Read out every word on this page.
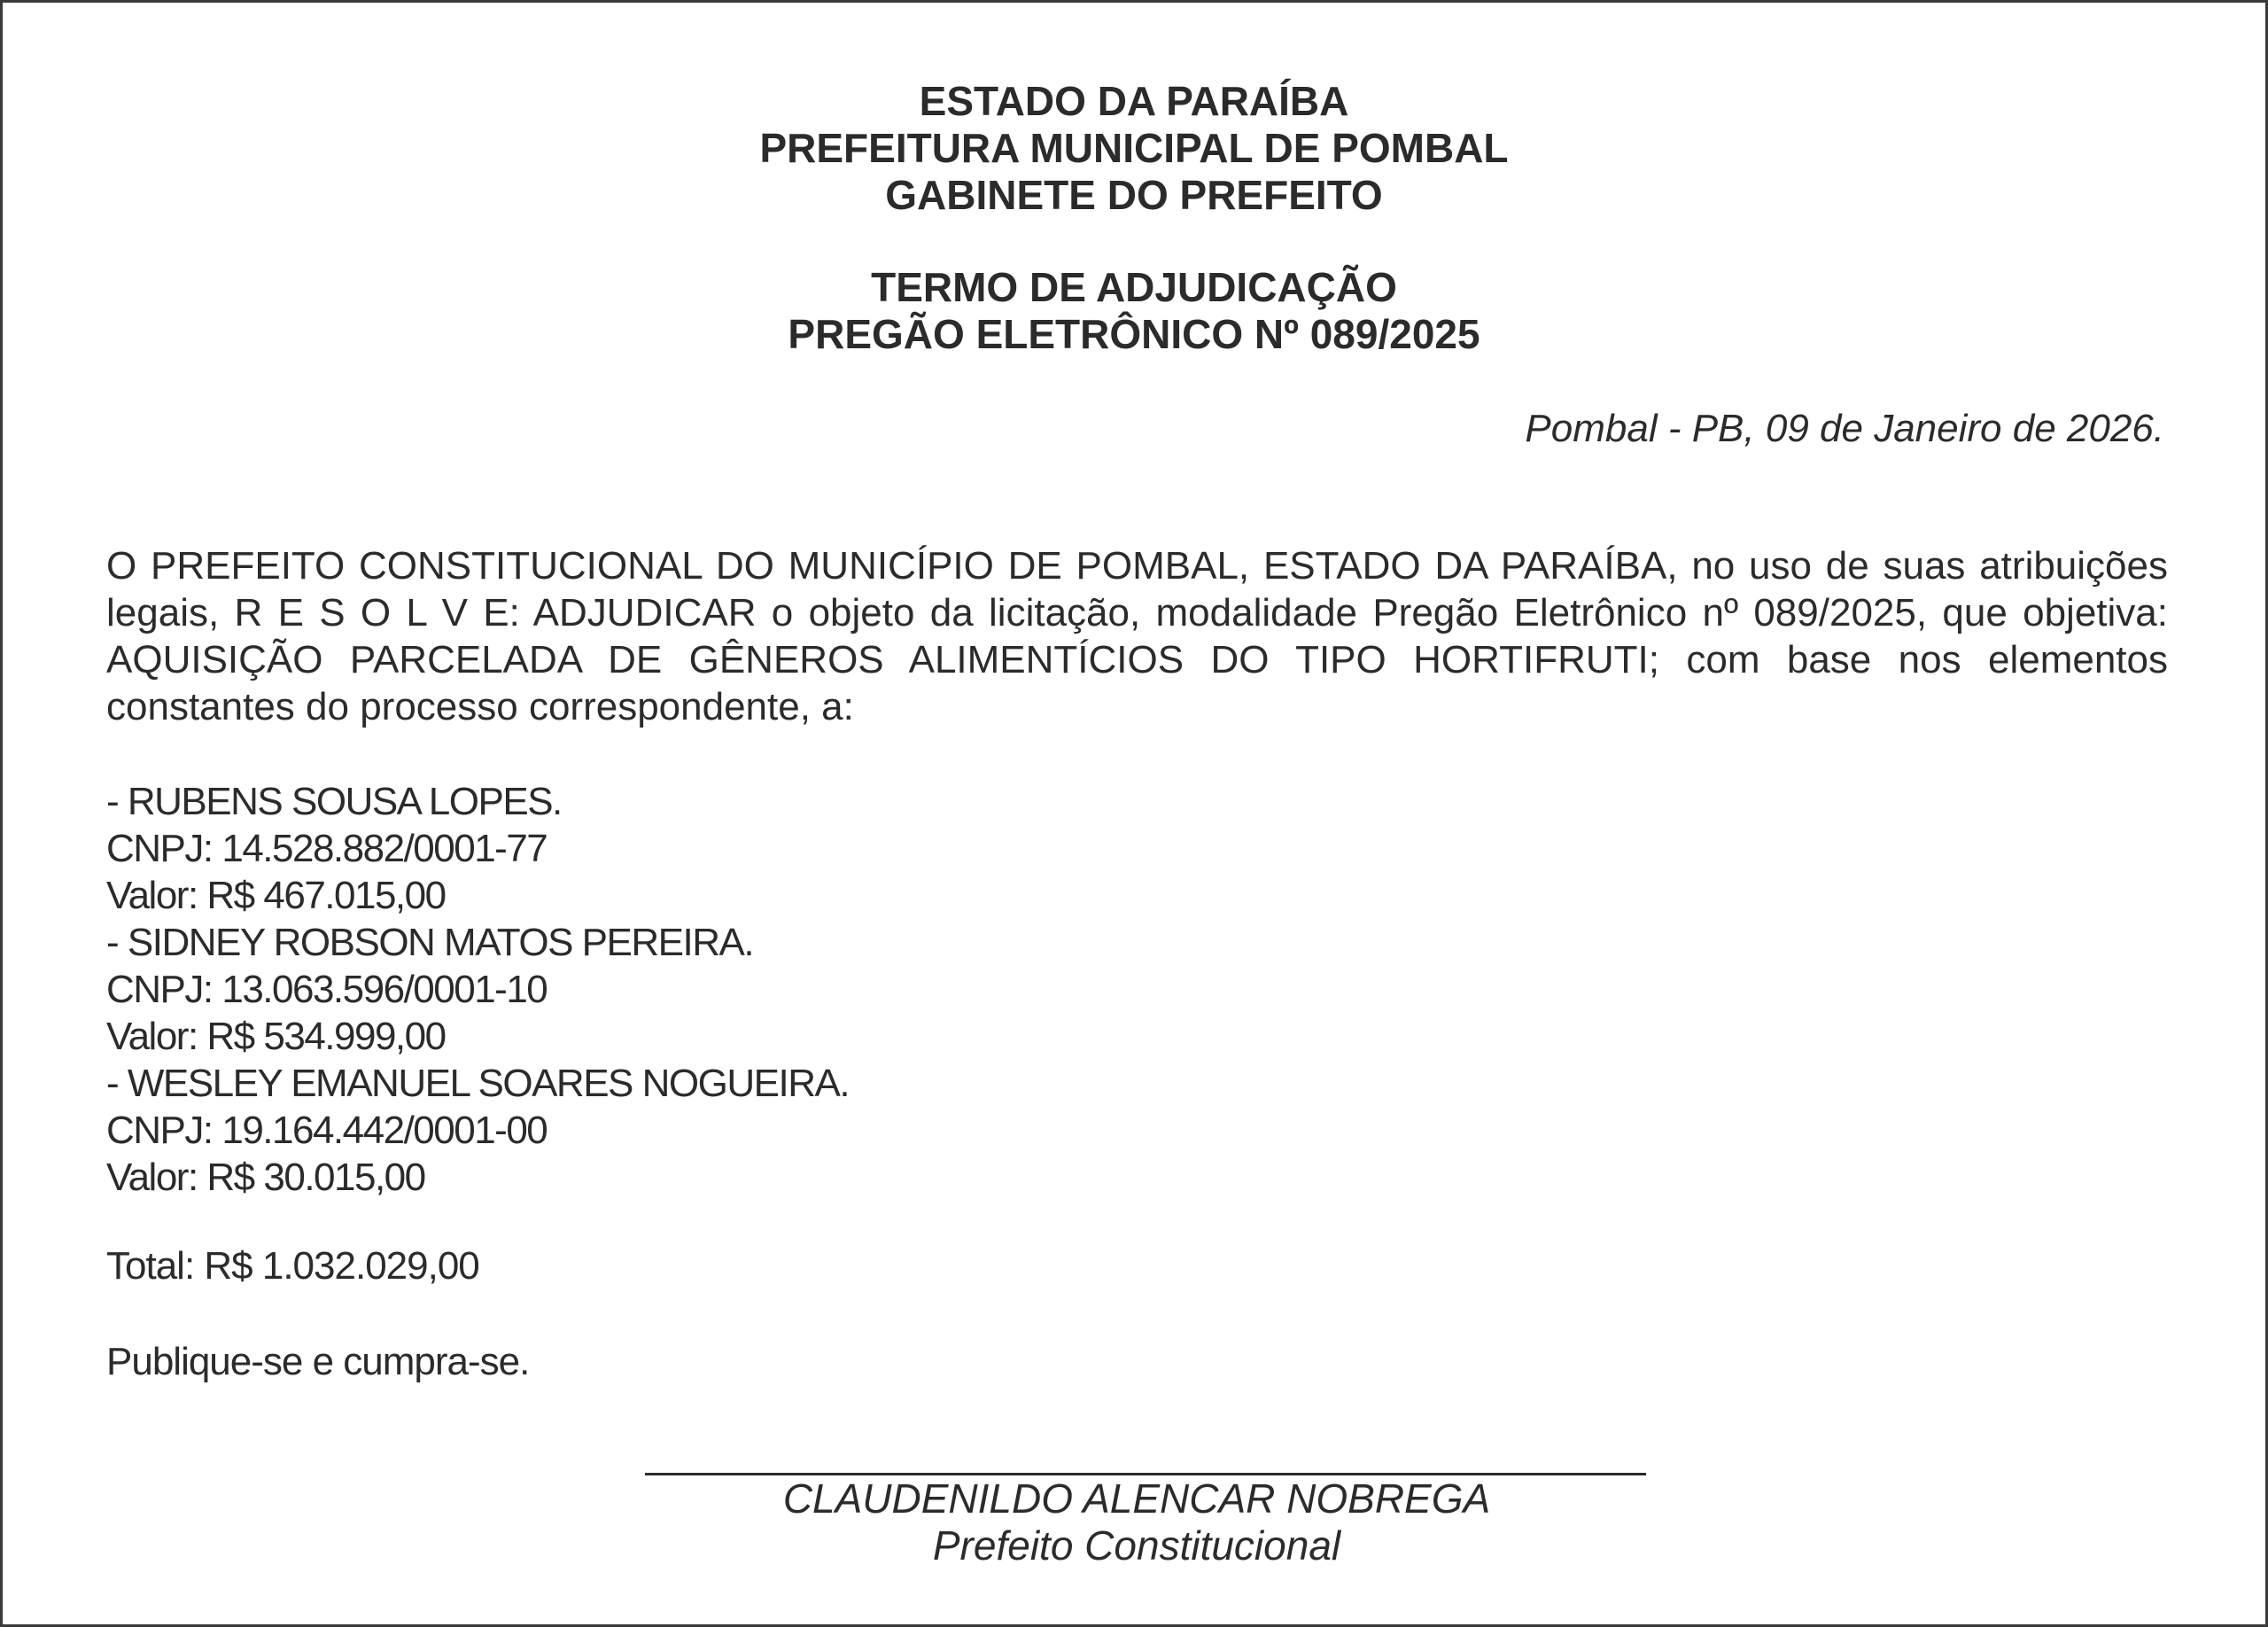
ESTADO DA PARAÍBA
PREFEITURA MUNICIPAL DE POMBAL
GABINETE DO PREFEITO
TERMO DE ADJUDICAÇÃO
PREGÃO ELETRÔNICO Nº 089/2025
Pombal - PB, 09 de Janeiro de 2026.
O PREFEITO CONSTITUCIONAL DO MUNICÍPIO DE POMBAL, ESTADO DA PARAÍBA, no uso de suas atribuições legais, R E S O L V E: ADJUDICAR o objeto da licitação, modalidade Pregão Eletrônico nº 089/2025, que objetiva: AQUISIÇÃO PARCELADA DE GÊNEROS ALIMENTÍCIOS DO TIPO HORTIFRUTI; com base nos elementos constantes do processo correspondente, a:
- RUBENS SOUSA LOPES.
CNPJ: 14.528.882/0001-77
Valor: R$ 467.015,00
- SIDNEY ROBSON MATOS PEREIRA.
CNPJ: 13.063.596/0001-10
Valor: R$ 534.999,00
- WESLEY EMANUEL SOARES NOGUEIRA.
CNPJ: 19.164.442/0001-00
Valor: R$ 30.015,00
Total: R$ 1.032.029,00
Publique-se e cumpra-se.
CLAUDENILDO ALENCAR NOBREGA
Prefeito Constitucional
